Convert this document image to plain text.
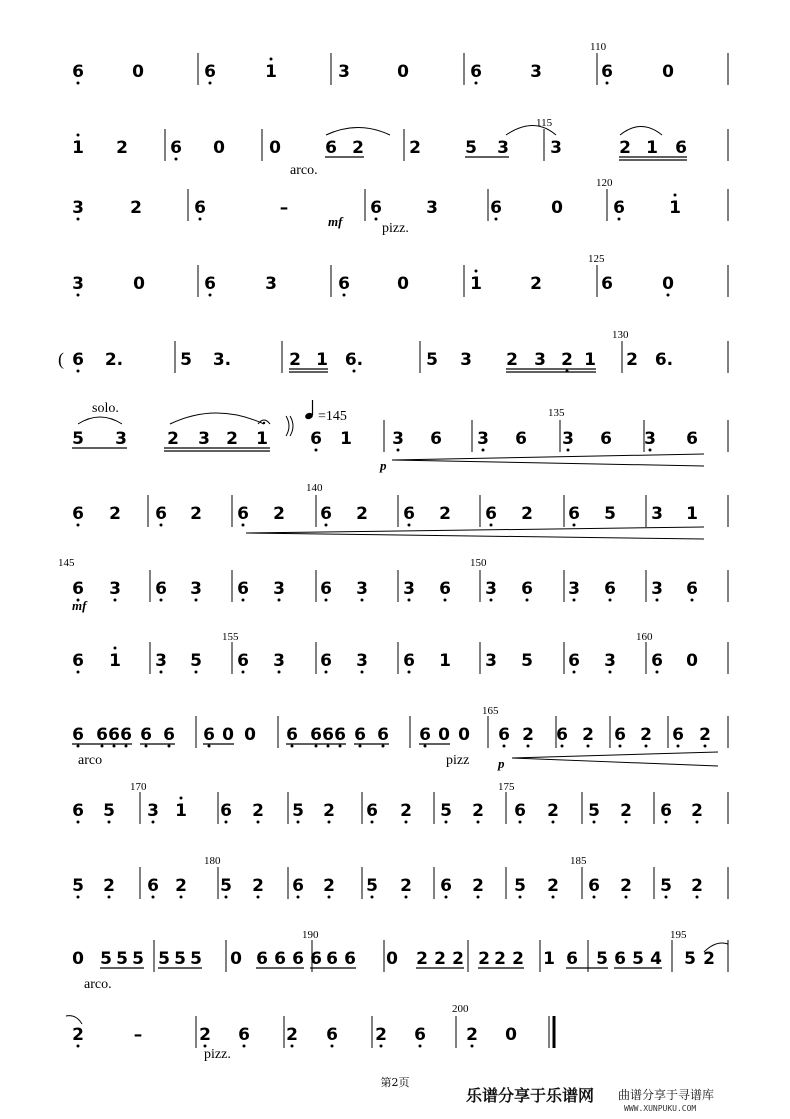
6	0	6	1	3	0	6	3	6	0
1 2 6 0	0	6 2	2	5 3 3	2 1 6
3	2	6	–	6	3	6	0	6	1
3	0	6	3	6	0	1	2	6	0
6 2.	5 3.	2 1 6.	5 3 2 3 2 1 2 6.
5 3 2 3 2 1 6 1 3 6 3 6 3 6 3 6
6 2 6 2 6 2 6 2 6 2 6 2 6 5 3 1
6 3 6 3 6 3 6 3 3 6 3 6 3 6 3 6
6 1 3 5 6 3 6 3 6 1 3 5 6 3 6 0
6 6 6 6 6 6 6 0 0 6 6 6 6 6 6 6 0 0 6 2 6 2 6 2 6 2
6 5 3 1 6 2 5 2 6 2 5 2 6 2 5 2 6 2
5 2 6 2 5 2 6 2 5 2 6 2 5 2 6 2 5 2
0 5 5 5 5 5 5 0 6 6 6 6 6 6 0 2 2 2 2 2 2 1 6 5 6 5 4 5 2
2	–	2 6 2 6 2 6 2 0
110
115
120
125
130
135
140
145	150
155	160
165
170	175
180	185
190	195
200
arco.
pizz.
solo.
arco	pizz
arco.
pizz.
=145
(
mf
p
mf
p
第2页
乐谱分享于乐谱网 曲谱分享于寻谱库
WWW.XUNPUKU.COM
